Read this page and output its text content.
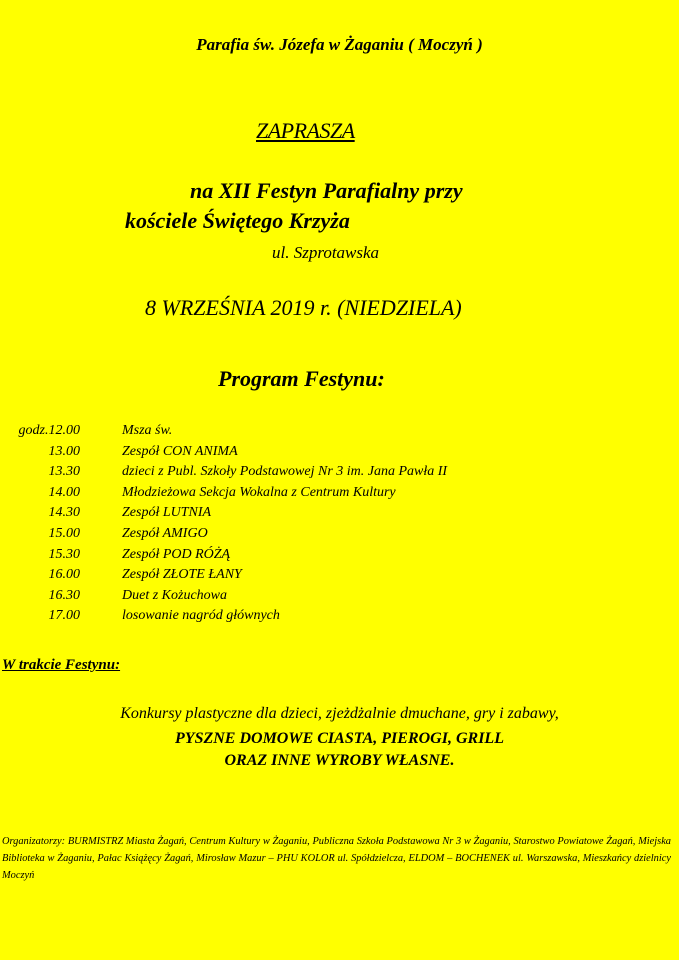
Parafia św. Józefa w Żaganiu ( Moczyń )
ZAPRASZA
na XII Festyn Parafialny przy
kościele Świętego Krzyża
ul. Szprotawska
8 WRZEŚNIA 2019 r. (NIEDZIELA)
Program Festynu:
godz.12.00	Msza św.
13.00	Zespół CON ANIMA
13.30	dzieci z Publ. Szkoły Podstawowej Nr 3 im. Jana Pawła II
14.00	Młodzieżowa Sekcja Wokalna z Centrum Kultury
14.30	Zespół LUTNIA
15.00	Zespół AMIGO
15.30	Zespół POD RÓŻĄ
16.00	Zespół ZŁOTE ŁANY
16.30	Duet z Kożuchowa
17.00	losowanie nagród głównych
W trakcie Festynu:
Konkursy plastyczne dla dzieci, zjeżdżalnie dmuchane, gry i zabawy,
PYSZNE DOMOWE CIASTA, PIEROGI, GRILL
ORAZ INNE WYROBY WŁASNE.
Organizatorzy: BURMISTRZ Miasta Żagań, Centrum Kultury w Żaganiu, Publiczna Szkoła Podstawowa Nr 3 w Żaganiu, Starostwo Powiatowe Żagań, Miejska Biblioteka w Żaganiu, Pałac Książęcy Żagań, Mirosław Mazur – PHU KOLOR ul. Spółdzielcza, ELDOM – BOCHENEK ul. Warszawska, Mieszkańcy dzielnicy Moczyń
